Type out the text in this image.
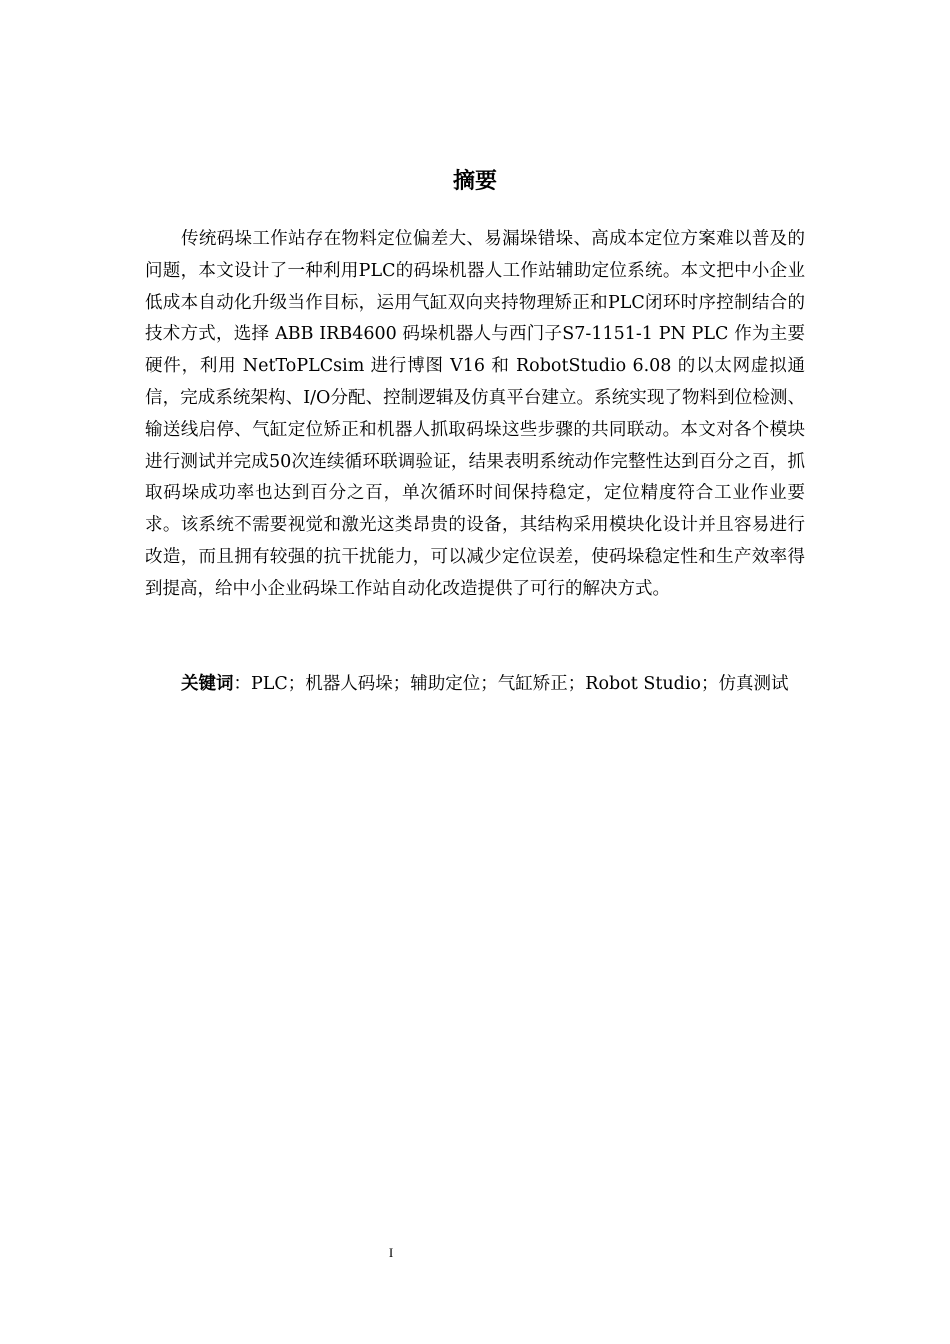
摘要

传统码垛工作站存在物料定位偏差大、易漏垛错垛、高成本定位方案难以普及的问题，本文设计了一种利用PLC的码垛机器人工作站辅助定位系统。本文把中小企业低成本自动化升级当作目标，运用气缸双向夹持物理矫正和PLC闭环时序控制结合的技术方式，选择 ABB IRB4600 码垛机器人与西门子S7-1151-1 PN PLC 作为主要硬件，利用 NetToPLCsim 进行博图 V16 和 RobotStudio 6.08 的以太网虚拟通信，完成系统架构、I/O分配、控制逻辑及仿真平台建立。系统实现了物料到位检测、输送线启停、气缸定位矫正和机器人抓取码垛这些步骤的共同联动。本文对各个模块进行测试并完成50次连续循环联调验证，结果表明系统动作完整性达到百分之百，抓取码垛成功率也达到百分之百，单次循环时间保持稳定，定位精度符合工业作业要求。该系统不需要视觉和激光这类昂贵的设备，其结构采用模块化设计并且容易进行改造，而且拥有较强的抗干扰能力，可以减少定位误差，使码垛稳定性和生产效率得到提高，给中小企业码垛工作站自动化改造提供了可行的解决方式。

关键词：PLC；机器人码垛；辅助定位；气缸矫正；Robot Studio；仿真测试

I
